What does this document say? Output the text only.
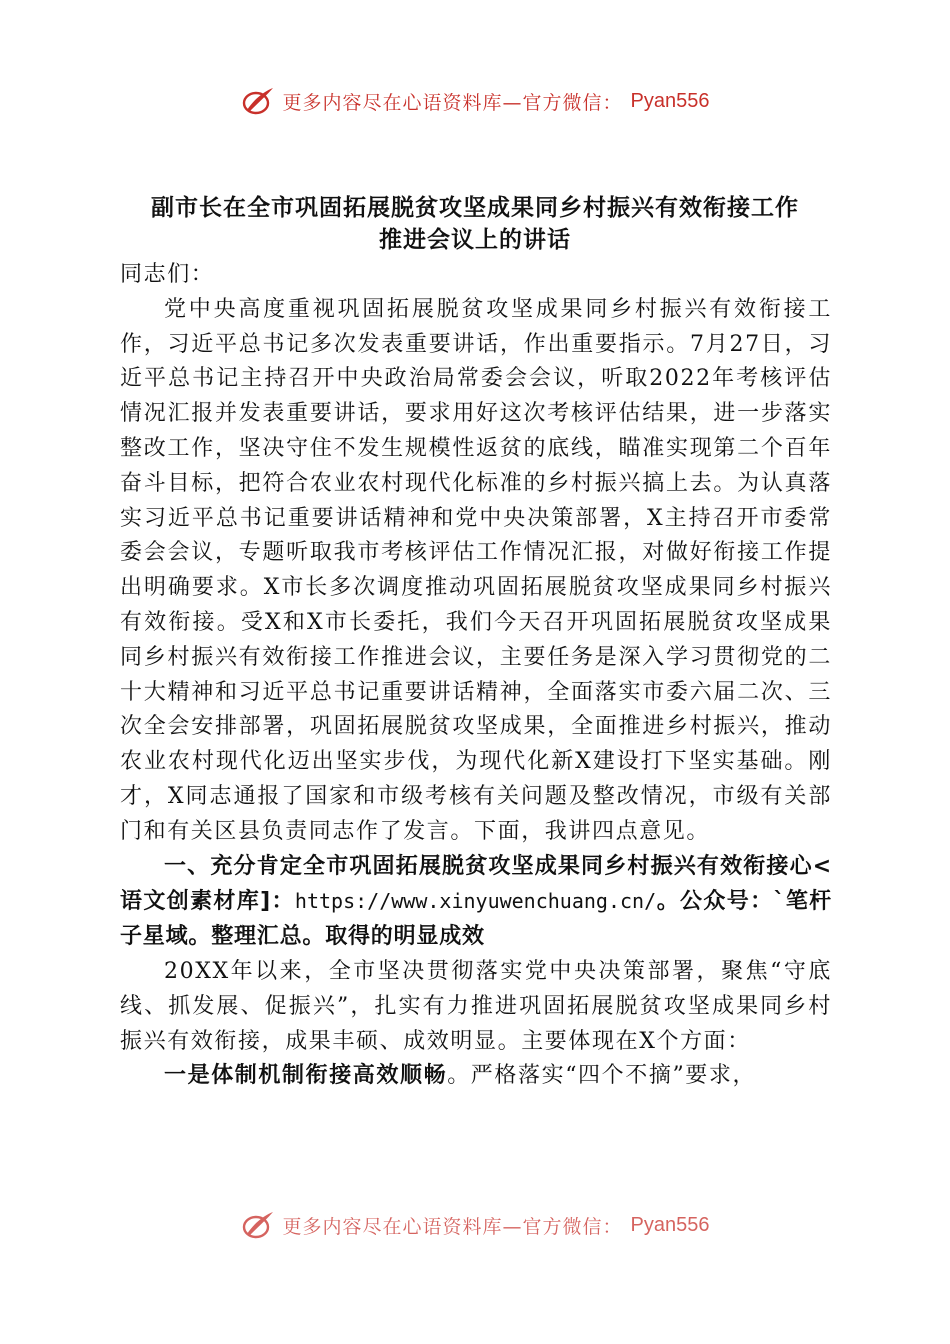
更多内容尽在心语资料库—官方微信： Pyan556
副市长在全市巩固拓展脱贫攻坚成果同乡村振兴有效衔接工作
推进会议上的讲话

同志们：

党中央高度重视巩固拓展脱贫攻坚成果同乡村振兴有效衔接工作，习近平总书记多次发表重要讲话，作出重要指示。7月27日，习近平总书记主持召开中央政治局常委会会议，听取2022年考核评估情况汇报并发表重要讲话，要求用好这次考核评估结果，进一步落实整改工作，坚决守住不发生规模性返贫的底线，瞄准实现第二个百年奋斗目标，把符合农业农村现代化标准的乡村振兴搞上去。为认真落实习近平总书记重要讲话精神和党中央决策部署，X主持召开市委常委会会议，专题听取我市考核评估工作情况汇报，对做好衔接工作提出明确要求。X市长多次调度推动巩固拓展脱贫攻坚成果同乡村振兴有效衔接。受X和X市长委托，我们今天召开巩固拓展脱贫攻坚成果同乡村振兴有效衔接工作推进会议，主要任务是深入学习贯彻党的二十大精神和习近平总书记重要讲话精神，全面落实市委六届二次、三次全会安排部署，巩固拓展脱贫攻坚成果，全面推进乡村振兴，推动农业农村现代化迈出坚实步伐，为现代化新X建设打下坚实基础。刚才，X同志通报了国家和市级考核有关问题及整改情况，市级有关部门和有关区县负责同志作了发言。下面，我讲四点意见。

一、充分肯定全市巩固拓展脱贫攻坚成果同乡村振兴有效衔接心<语文创素材库]：https://www.xinyuwenchuang.cn/。公众号：`笔杆子星域。整理汇总。取得的明显成效

20XX年以来，全市坚决贯彻落实党中央决策部署，聚焦“守底线、抓发展、促振兴”，扎实有力推进巩固拓展脱贫攻坚成果同乡村振兴有效衔接，成果丰硕、成效明显。主要体现在X个方面：

一是体制机制衔接高效顺畅。严格落实“四个不摘”要求，

更多内容尽在心语资料库—官方微信： Pyan556
